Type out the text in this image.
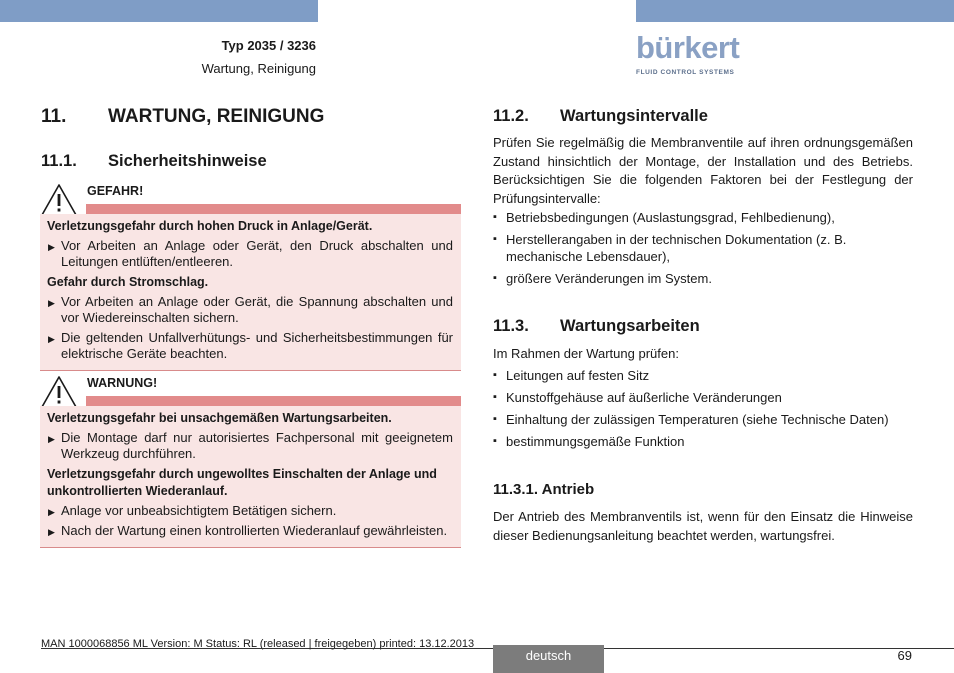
Typ 2035 / 3236
Wartung, Reinigung
bürkert
FLUID CONTROL SYSTEMS
11. WARTUNG, REINIGUNG
11.1. Sicherheitshinweise
GEFAHR!
Verletzungsgefahr durch hohen Druck in Anlage/Gerät.
▶ Vor Arbeiten an Anlage oder Gerät, den Druck abschalten und Leitungen entlüften/entleeren.
Gefahr durch Stromschlag.
▶ Vor Arbeiten an Anlage oder Gerät, die Spannung abschalten und vor Wiedereinschalten sichern.
▶ Die geltenden Unfallverhütungs- und Sicherheitsbestimmungen für elektrische Geräte beachten.
WARNUNG!
Verletzungsgefahr bei unsachgemäßen Wartungsarbeiten.
▶ Die Montage darf nur autorisiertes Fachpersonal mit geeignetem Werkzeug durchführen.
Verletzungsgefahr durch ungewolltes Einschalten der Anlage und unkontrollierten Wiederanlauf.
▶ Anlage vor unbeabsichtigtem Betätigen sichern.
▶ Nach der Wartung einen kontrollierten Wiederanlauf gewährleisten.
11.2. Wartungsintervalle
Prüfen Sie regelmäßig die Membranventile auf ihren ordnungsgemäßen Zustand hinsichtlich der Montage, der Installation und des Betriebs. Berücksichtigen Sie die folgenden Faktoren bei der Festlegung der Prüfungsintervalle:
▪ Betriebsbedingungen (Auslastungsgrad, Fehlbedienung),
▪ Herstellerangaben in der technischen Dokumentation (z. B. mechanische Lebensdauer),
▪ größere Veränderungen im System.
11.3. Wartungsarbeiten
Im Rahmen der Wartung prüfen:
▪ Leitungen auf festen Sitz
▪ Kunstoffgehäuse auf äußerliche Veränderungen
▪ Einhaltung der zulässigen Temperaturen (siehe Technische Daten)
▪ bestimmungsgemäße Funktion
11.3.1. Antrieb
Der Antrieb des Membranventils ist, wenn für den Einsatz die Hinweise dieser Bedienungsanleitung beachtet werden, wartungsfrei.
MAN 1000068856 ML Version: M Status: RL (released | freigegeben) printed: 13.12.2013
deutsch	69
